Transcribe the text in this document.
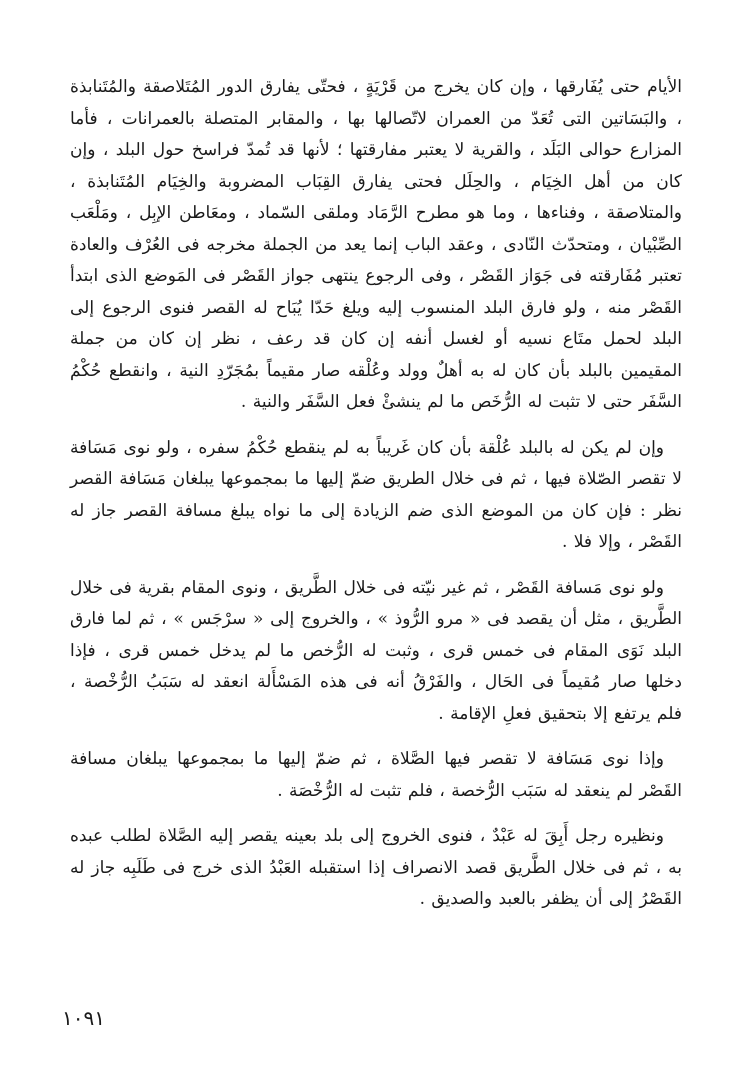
الأيام حتى يُفَارقها ، وإن كان يخرج من قَرْيَةٍ ، فحتّى يفارق الدور المُتَلاصقة والمُتَنابذة ، والبَسَاتين التى تُعَدّ من العمران لاتّصالها بها ، والمقابر المتصلة بالعمرانات ، فأما المزارع حوالى البَلَد ، والقرية لا يعتبر مفارقتها ؛ لأنها قد تُمدّ فراسخ حول البلد ، وإن كان من أهل الخِيَام ، والحِلَل فحتى يفارق القِبَاب المضروبة والخِيَام المُتَنابذة ، والمتلاصقة ، وفناءها ، وما هو مطرح الرَّمَاد وملقى السّماد ، ومعَاطن الإبِل ، ومَلْعَب الصِّبْيان ، ومتحدّث النّادى ، وعقد الباب إنما يعد من الجملة مخرجه فى العُرْف والعادة تعتبر مُفَارقته فى جَوَاز القَصْر ، وفى الرجوع ينتهى جواز القَصْر فى المَوضع الذى ابتدأ القَصْر منه ، ولو فارق البلد المنسوب إليه ويلغ حَدّا يُبَاح له القصر فنوى الرجوع إلى البلد لحمل متَاع نسيه أو لغسل أنفه إن كان قد رعف ، نظر إن كان من جملة المقيمين بالبلد بأن كان له به أهلٌ وولد وعُلْقه صار مقيماً بمُجَرّدِ النية ، وانقطع حُكْمُ السَّفَر حتى لا تثبت له الرُّخَص ما لم ينشئْ فعل السَّفَر والنية .

وإن لم يكن له بالبلد عُلْقة بأن كان غَريباً به لم ينقطع حُكْمُ سفره ، ولو نوى مَسَافة لا تقصر الصّلاة فيها ، ثم فى خلال الطريق ضمّ إليها ما بمجموعها يبلغان مَسَافة القصر نظر : فإن كان من الموضع الذى ضم الزيادة إلى ما نواه يبلغ مسافة القصر جاز له القَصْر ، وإلا فلا .

ولو نوى مَسافة القَصْر ، ثم غير نيّته فى خلال الطَّريق ، ونوى المقام بقرية فى خلال الطَّريق ، مثل أن يقصد فى « مرو الرُّوذ » ، والخروج إلى « سرْجَس » ، ثم لما فارق البلد نَوَى المقام فى خمس قرى ، وثبت له الرُّخص ما لم يدخل خمس قرى ، فإذا دخلها صار مُقيماً فى الحَال ، والفَرْقُ أنه فى هذه المَسْأَلة انعقد له سَبَبُ الرُّخْصة ، فلم يرتفع إلا بتحقيق فعلِ الإقامة .

وإذا نوى مَسَافة لا تقصر فيها الصَّلاة ، ثم ضمّ إليها ما بمجموعها يبلغان مسافة القَصْر لم ينعقد له سَبَب الرُّخصة ، فلم تثبت له الرُّخْصَة .

ونظيره رجل أَبِقَ له عَبْدٌ ، فنوى الخروج إلى بلد بعينه يقصر إليه الصَّلاة لطلب عبده به ، ثم فى خلال الطَّريق قصد الانصراف إذا استقبله العَبْدُ الذى خرج فى طَلَبِه جاز له القَصْرُ إلى أن يظفر بالعبد والصديق .

١٠٩١
